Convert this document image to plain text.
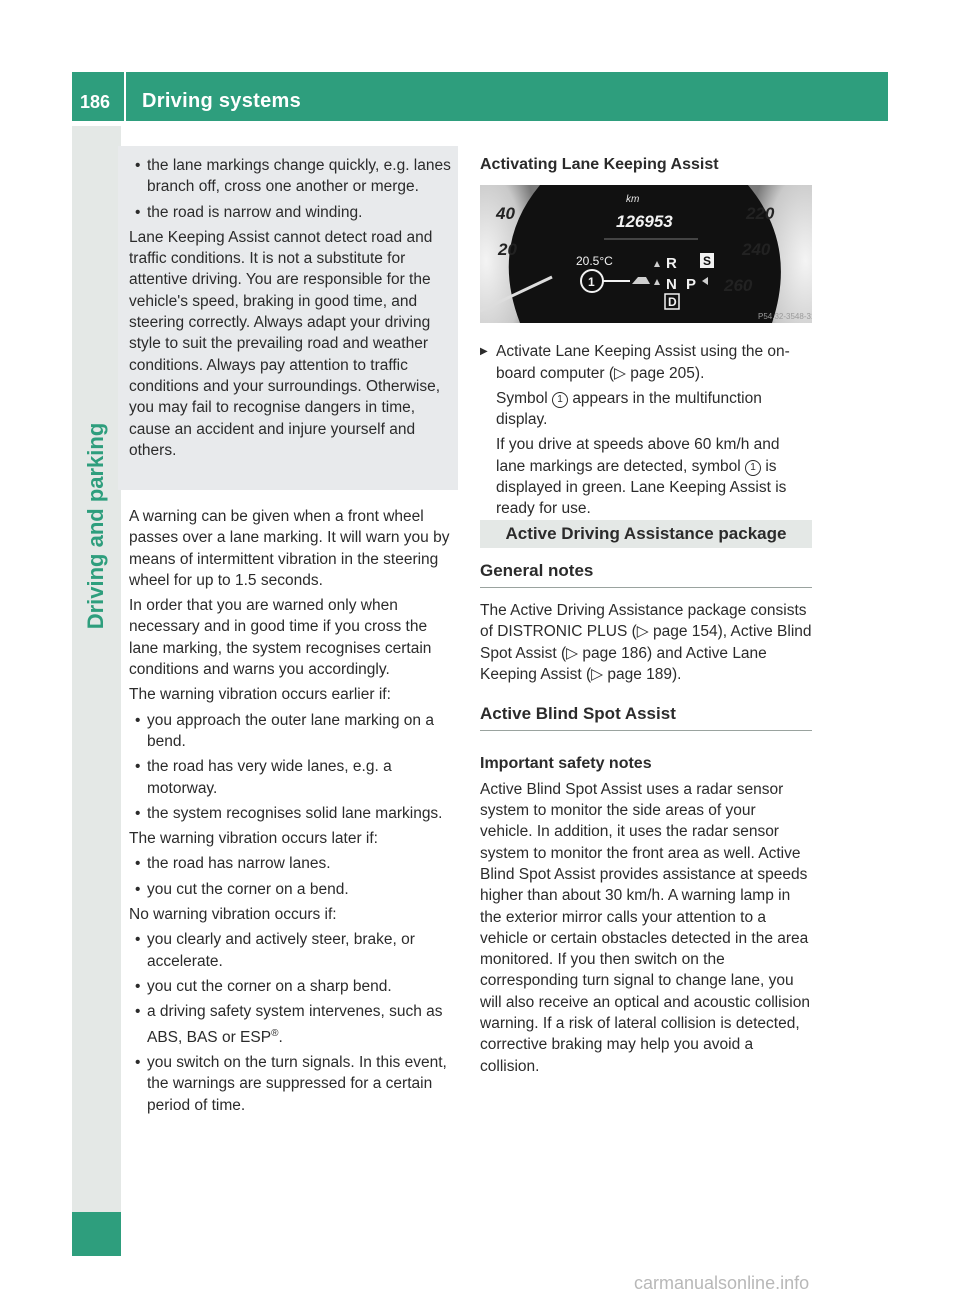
186 Driving systems
Driving and parking

• the lane markings change quickly, e.g. lanes branch off, cross one another or merge.

• the road is narrow and winding.

Lane Keeping Assist cannot detect road and traffic conditions. It is not a substitute for attentive driving. You are responsible for the vehicle's speed, braking in good time, and steering correctly. Always adapt your driving style to suit the prevailing road and weather conditions. Always pay attention to traffic conditions and your surroundings. Otherwise, you may fail to recognise dangers in time, cause an accident and injure yourself and others.

A warning can be given when a front wheel passes over a lane marking. It will warn you by means of intermittent vibration in the steering wheel for up to 1.5 seconds.

In order that you are warned only when necessary and in good time if you cross the lane marking, the system recognises certain conditions and warns you accordingly.

The warning vibration occurs earlier if:

• you approach the outer lane marking on a bend.

• the road has very wide lanes, e.g. a motorway.

• the system recognises solid lane markings.

The warning vibration occurs later if:

• the road has narrow lanes.

• you cut the corner on a bend.

No warning vibration occurs if:

• you clearly and actively steer, brake, or accelerate.

• you cut the corner on a sharp bend.

• a driving safety system intervenes, such as ABS, BAS or ESP®.

• you switch on the turn signals. In this event, the warnings are suppressed for a certain period of time.

Activating Lane Keeping Assist

40
20
220
240
260
km
126953
20.5°C
1
R
N P
D
S
P54.32-3548-31

▶ Activate Lane Keeping Assist using the on-board computer (▷ page 205).

Symbol 1 appears in the multifunction display.

If you drive at speeds above 60 km/h and lane markings are detected, symbol 1 is displayed in green. Lane Keeping Assist is ready for use.

Active Driving Assistance package

General notes

The Active Driving Assistance package consists of DISTRONIC PLUS (▷ page 154), Active Blind Spot Assist (▷ page 186) and Active Lane Keeping Assist (▷ page 189).

Active Blind Spot Assist

Important safety notes

Active Blind Spot Assist uses a radar sensor system to monitor the side areas of your vehicle. In addition, it uses the radar sensor system to monitor the front area as well. Active Blind Spot Assist provides assistance at speeds higher than about 30 km/h. A warning lamp in the exterior mirror calls your attention to a vehicle or certain obstacles detected in the area monitored. If you then switch on the corresponding turn signal to change lane, you will also receive an optical and acoustic collision warning. If a risk of lateral collision is detected, corrective braking may help you avoid a collision.

carmanualsonline.info
